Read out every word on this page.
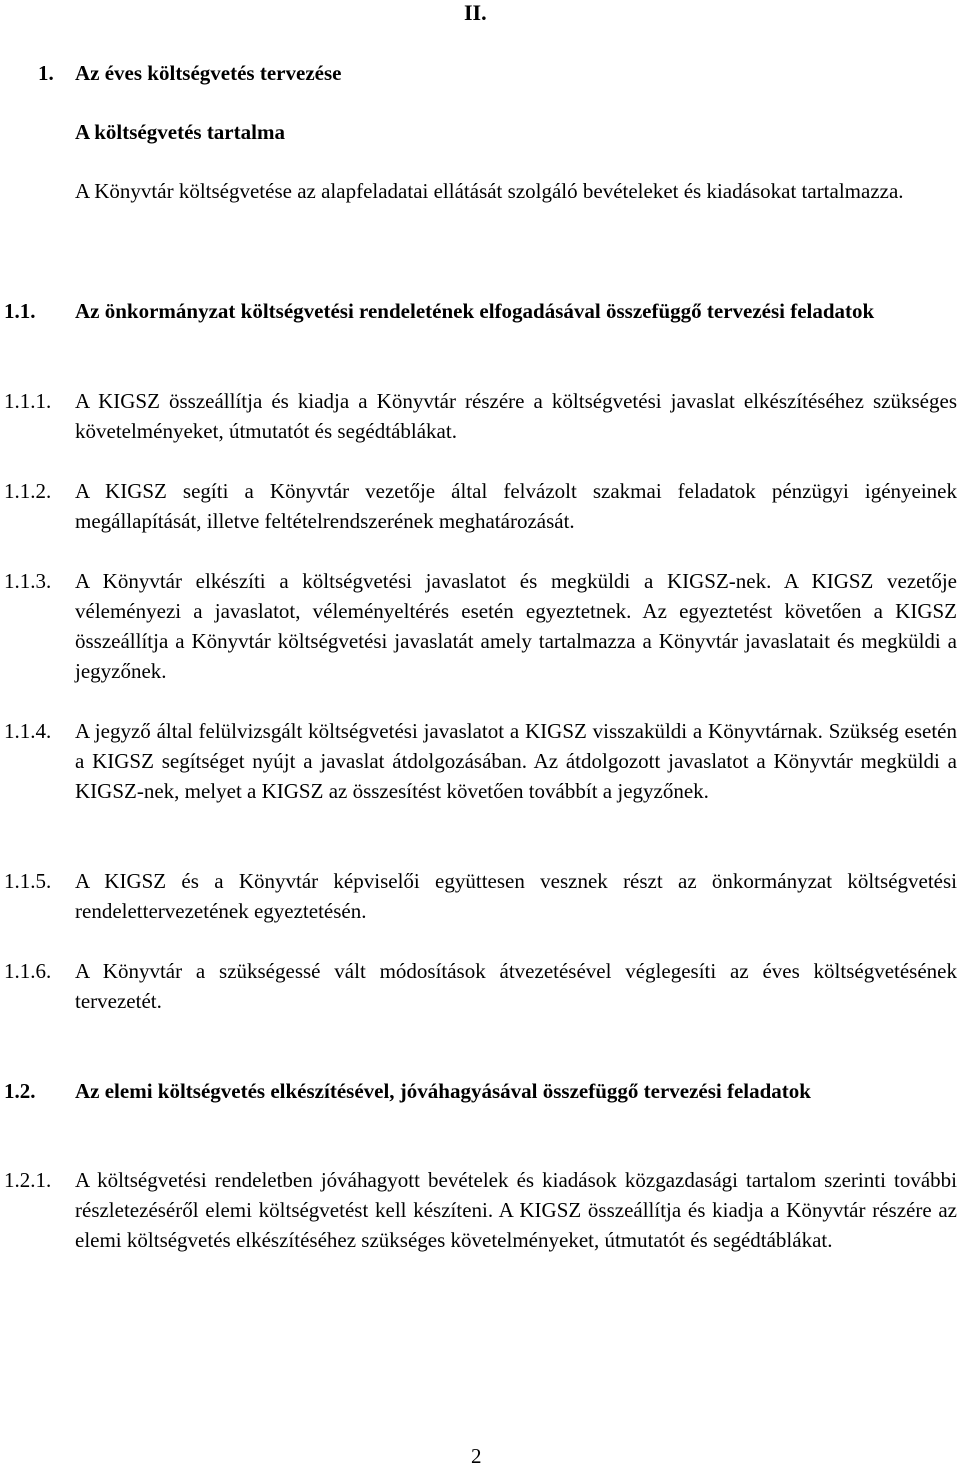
II.
1. Az éves költségvetés tervezése
A költségvetés tartalma
A Könyvtár költségvetése az alapfeladatai ellátását szolgáló bevételeket és kiadásokat tartalmazza.
1.1. Az önkormányzat költségvetési rendeletének elfogadásával összefüggő tervezési feladatok
1.1.1. A KIGSZ összeállítja és kiadja a Könyvtár részére a költségvetési javaslat elkészítéséhez szükséges követelményeket, útmutatót és segédtáblákat.
1.1.2. A KIGSZ segíti a Könyvtár vezetője által felvázolt szakmai feladatok pénzügyi igényeinek megállapítását, illetve feltételrendszerének meghatározását.
1.1.3. A Könyvtár elkészíti a költségvetési javaslatot és megküldi a KIGSZ-nek. A KIGSZ vezetője véleményezi a javaslatot, véleményeltérés esetén egyeztetnek. Az egyeztetést követően a KIGSZ összeállítja a Könyvtár költségvetési javaslatát amely tartalmazza a Könyvtár javaslatait és megküldi a jegyzőnek.
1.1.4. A jegyző által felülvizsgált költségvetési javaslatot a KIGSZ visszaküldi a Könyvtárnak. Szükség esetén a KIGSZ segítséget nyújt a javaslat átdolgozásában. Az átdolgozott javaslatot a Könyvtár megküldi a KIGSZ-nek, melyet a KIGSZ az összesítést követően továbbít a jegyzőnek.
1.1.5. A KIGSZ és a Könyvtár képviselői együttesen vesznek részt az önkormányzat költségvetési rendelettervezetének egyeztetésén.
1.1.6. A Könyvtár a szükségessé vált módosítások átvezetésével véglegesíti az éves költségvetésének tervezetét.
1.2. Az elemi költségvetés elkészítésével, jóváhagyásával összefüggő tervezési feladatok
1.2.1. A költségvetési rendeletben jóváhagyott bevételek és kiadások közgazdasági tartalom szerinti további részletezéséről elemi költségvetést kell készíteni. A KIGSZ összeállítja és kiadja a Könyvtár részére az elemi költségvetés elkészítéséhez szükséges követelményeket, útmutatót és segédtáblákat.
2
